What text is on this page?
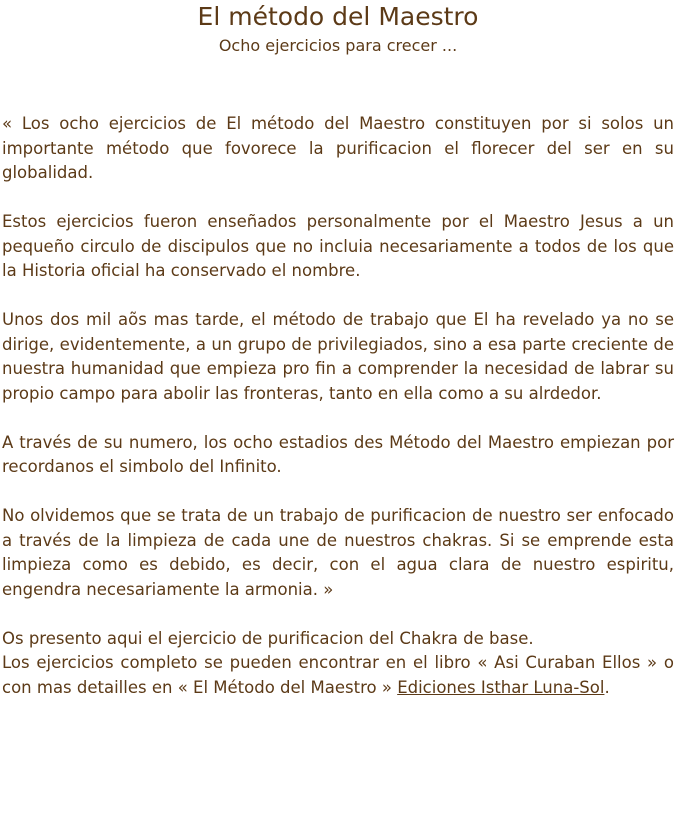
El método del Maestro

Ocho ejercicios para crecer ...

« Los ocho ejercicios de El método del Maestro constituyen por si solos un importante método que fovorece la purificacion el florecer del ser en su globalidad.

Estos ejercicios fueron enseñados personalmente por el Maestro Jesus a un pequeño circulo de discipulos que no incluia necesariamente a todos de los que la Historia oficial ha conservado el nombre.

Unos dos mil aõs mas tarde, el método de trabajo que El ha revelado ya no se dirige, evidentemente, a un grupo de privilegiados, sino a esa parte creciente de nuestra humanidad que empieza pro fin a comprender la necesidad de labrar su propio campo para abolir las fronteras, tanto en ella como a su alrdedor.

A través de su numero, los ocho estadios des Método del Maestro empiezan por recordanos el simbolo del Infinito.

No olvidemos que se trata de un trabajo de purificacion de nuestro ser enfocado a través de la limpieza de cada une de nuestros chakras. Si se emprende esta limpieza como es debido, es decir, con el agua clara de nuestro espiritu, engendra necesariamente la armonia. »

Os presento aqui el ejercicio de purificacion del Chakra de base.

Los ejercicios completo se pueden encontrar en el libro « Asi Curaban Ellos » o con mas detailles en « El Método del Maestro » Ediciones Isthar Luna-Sol.
